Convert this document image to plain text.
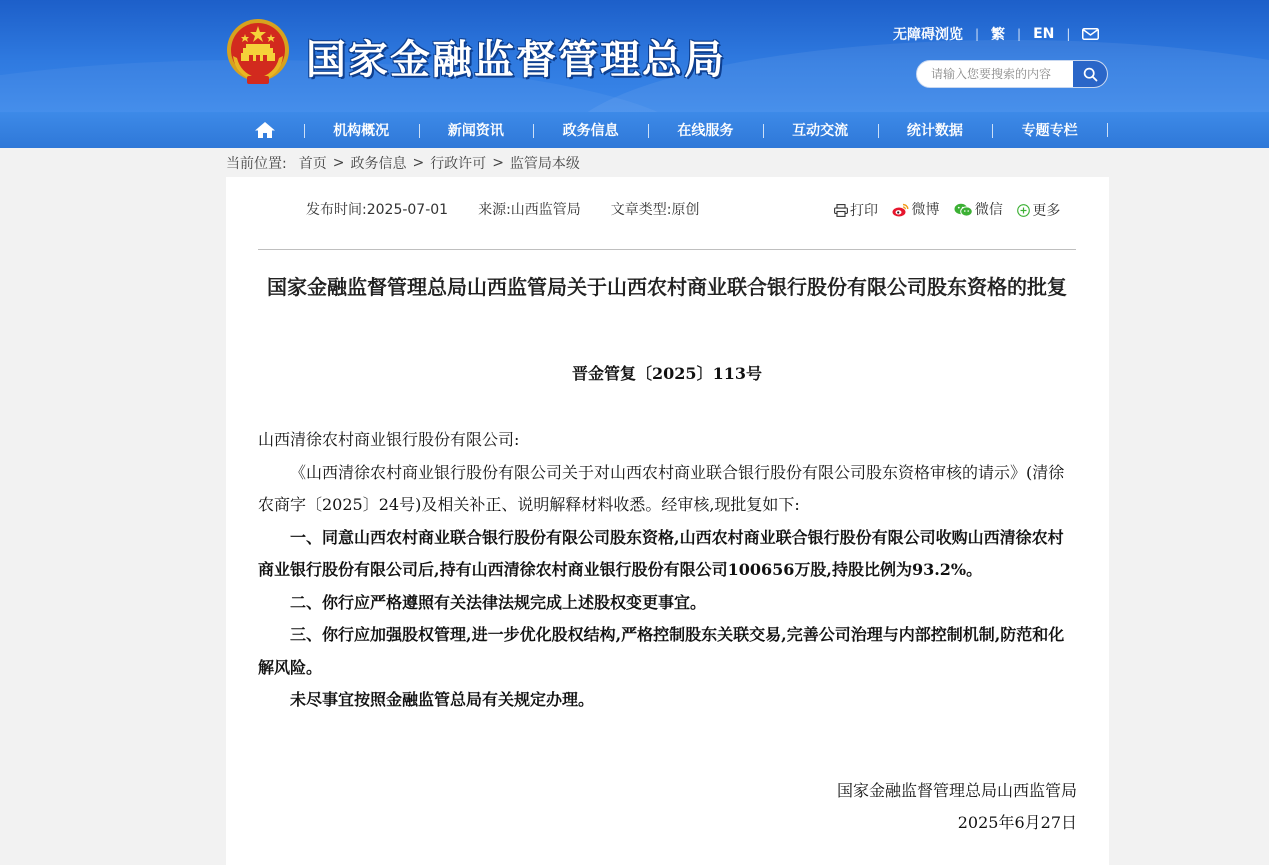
国家金融监督管理总局
无障碍浏览 | 繁 | EN |
请输入您要搜索的内容
机构概况	新闻资讯	政务信息	在线服务	互动交流	统计数据	专题专栏
当前位置: 首页 > 政务信息 > 行政许可 > 监管局本级
发布时间:2025-07-01 来源:山西监管局 文章类型:原创	打印
微博
	微信
更多
国家金融监督管理总局山西监管局关于山西农村商业联合银行股份有限公司股东资格的批复
晋金管复〔2025〕113号

山西清徐农村商业银行股份有限公司:

《山西清徐农村商业银行股份有限公司关于对山西农村商业联合银行股份有限公司股东资格审核的请示》(清徐农商字〔2025〕24号)及相关补正、说明解释材料收悉。经审核,现批复如下:

一、同意山西农村商业联合银行股份有限公司股东资格,山西农村商业联合银行股份有限公司收购山西清徐农村商业银行股份有限公司后,持有山西清徐农村商业银行股份有限公司100656万股,持股比例为93.2%。

二、你行应严格遵照有关法律法规完成上述股权变更事宜。

三、你行应加强股权管理,进一步优化股权结构,严格控制股东关联交易,完善公司治理与内部控制机制,防范和化解风险。

未尽事宜按照金融监管总局有关规定办理。

国家金融监督管理总局山西监管局
2025年6月27日
